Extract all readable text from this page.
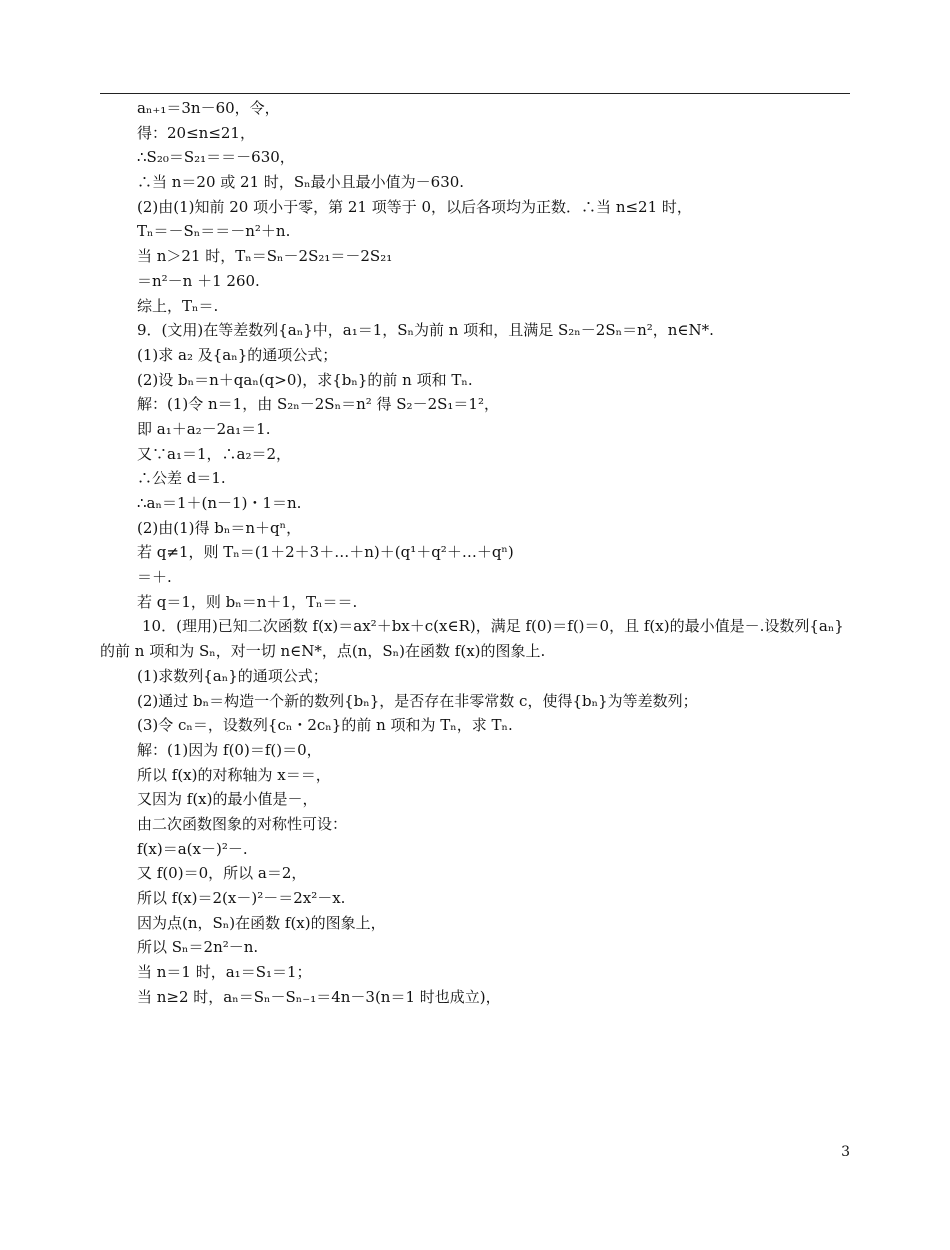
aₙ₊₁＝3n－60，令，
得：20≤n≤21，
∴S₂₀＝S₂₁＝＝－630，
∴当 n＝20 或 21 时，Sₙ最小且最小值为－630.
(2)由(1)知前 20 项小于零，第 21 项等于 0，以后各项均为正数．∴当 n≤21 时，
Tₙ＝－Sₙ＝＝－n²＋n.
当 n＞21 时，Tₙ＝Sₙ－2S₂₁＝－2S₂₁
＝n²－n ＋1 260.
综上，Tₙ＝.
9．(文用)在等差数列{aₙ}中，a₁＝1，Sₙ为前 n 项和，且满足 S₂ₙ－2Sₙ＝n²，n∈N*.
(1)求 a₂ 及{aₙ}的通项公式；
(2)设 bₙ＝n＋qaₙ(q>0)，求{bₙ}的前 n 项和 Tₙ.
解：(1)令 n＝1，由 S₂ₙ－2Sₙ＝n² 得 S₂－2S₁＝1²，
即 a₁＋a₂－2a₁＝1.
又∵a₁＝1，∴a₂＝2，
∴公差 d＝1.
∴aₙ＝1＋(n－1)・1＝n.
(2)由(1)得 bₙ＝n＋qⁿ，
若 q≠1，则 Tₙ＝(1＋2＋3＋…＋n)＋(q¹＋q²＋…＋qⁿ)
＝＋.
若 q＝1，则 bₙ＝n＋1，Tₙ＝＝.
10．(理用)已知二次函数 f(x)＝ax²＋bx＋c(x∈R)，满足 f(0)＝f()＝0，且 f(x)的最小值是－.设数列{aₙ}的前 n 项和为 Sₙ，对一切 n∈N*，点(n，Sₙ)在函数 f(x)的图象上.
(1)求数列{aₙ}的通项公式；
(2)通过 bₙ＝构造一个新的数列{bₙ}，是否存在非零常数 c，使得{bₙ}为等差数列；
(3)令 cₙ＝，设数列{cₙ・2cₙ}的前 n 项和为 Tₙ，求 Tₙ.
解：(1)因为 f(0)＝f()＝0，
所以 f(x)的对称轴为 x＝＝，
又因为 f(x)的最小值是－，
由二次函数图象的对称性可设：
f(x)＝a(x－)²－.
又 f(0)＝0，所以 a＝2，
所以 f(x)＝2(x－)²－＝2x²－x.
因为点(n，Sₙ)在函数 f(x)的图象上，
所以 Sₙ＝2n²－n.
当 n＝1 时，a₁＝S₁＝1；
当 n≥2 时，aₙ＝Sₙ－Sₙ₋₁＝4n－3(n＝1 时也成立)，
3
